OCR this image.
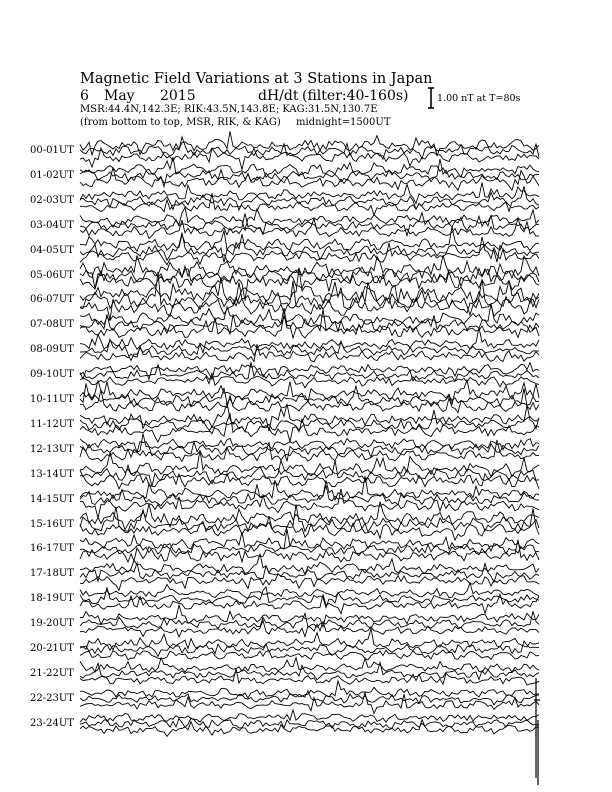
Magnetic Field Variations at 3 Stations in Japan
6 May 2015	dH/dt (filter:40-160s)
MSR:44.4N,142.3E; RIK:43.5N,143.8E; KAG:31.5N,130.7E
(from bottom to top, MSR, RIK, & KAG) midnight=1500UT
1.00 nT at T=80s
00-01UT
01-02UT
02-03UT
03-04UT
04-05UT
05-06UT
06-07UT
07-08UT
08-09UT
09-10UT
10-11UT
11-12UT
12-13UT
13-14UT
14-15UT
15-16UT
16-17UT
17-18UT
18-19UT
19-20UT
20-21UT
21-22UT
22-23UT
23-24UT
